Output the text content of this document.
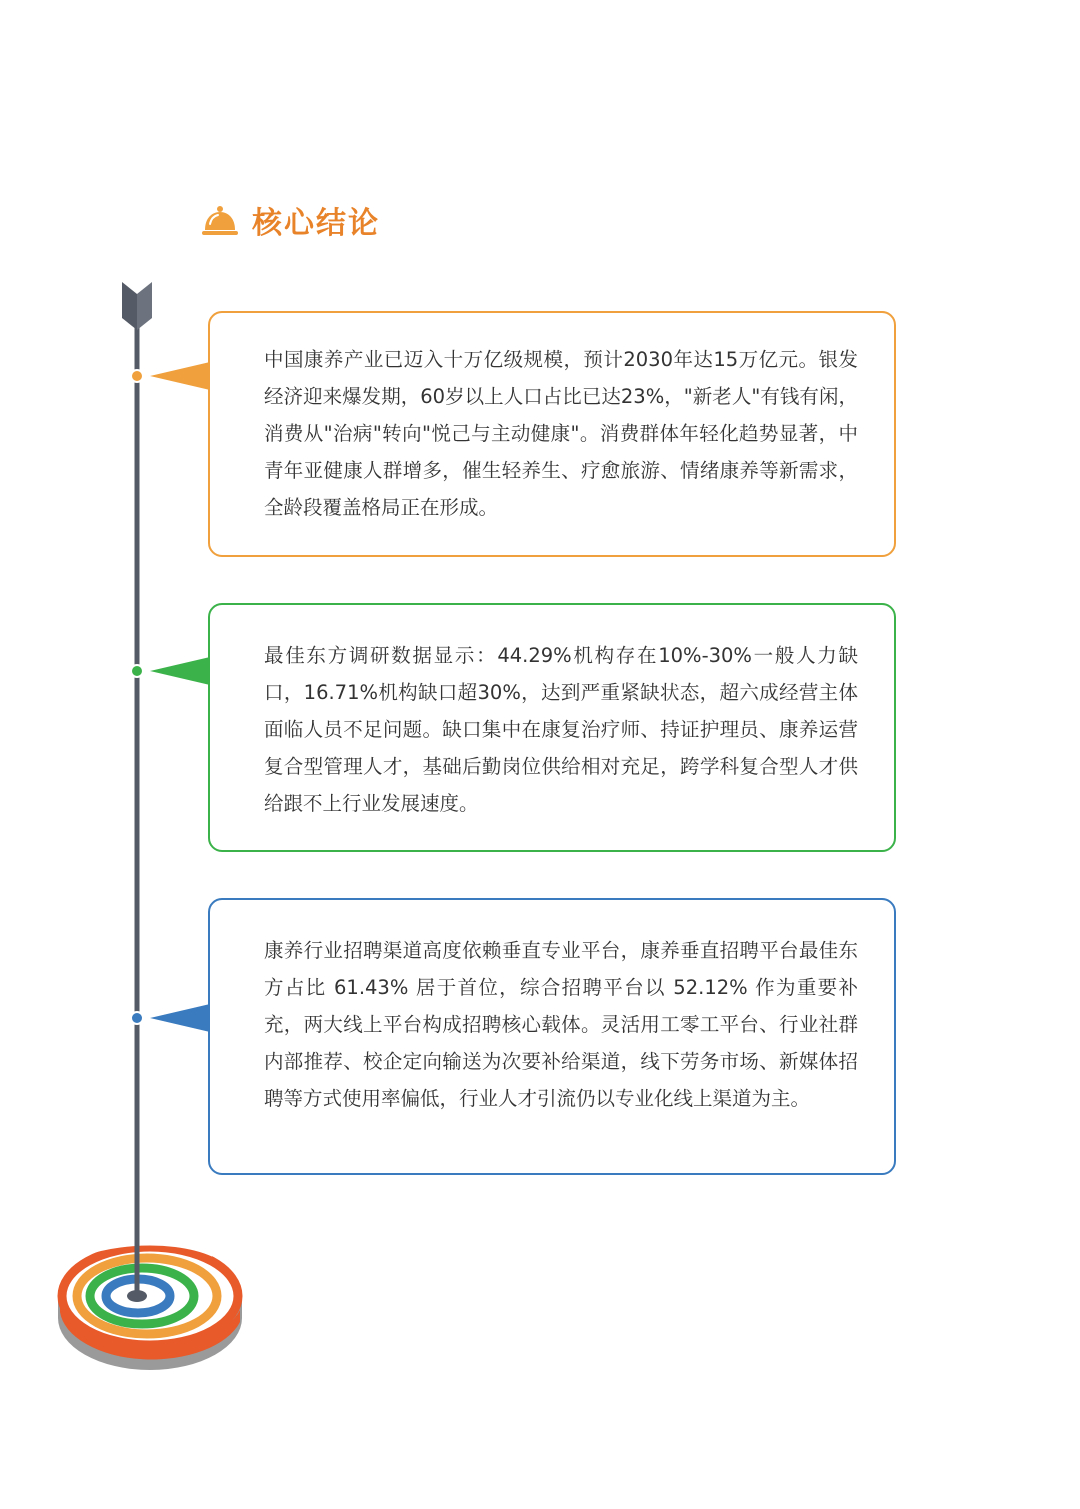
核心结论
中国康养产业已迈入十万亿级规模，预计2030年达15万亿元。银发经济迎来爆发期，60岁以上人口占比已达23%，"新老人"有钱有闲，消费从"治病"转向"悦己与主动健康"。消费群体年轻化趋势显著，中青年亚健康人群增多，催生轻养生、疗愈旅游、情绪康养等新需求，全龄段覆盖格局正在形成。
最佳东方调研数据显示：44.29%机构存在10%-30%一般人力缺口，16.71%机构缺口超30%，达到严重紧缺状态，超六成经营主体面临人员不足问题。缺口集中在康复治疗师、持证护理员、康养运营复合型管理人才，基础后勤岗位供给相对充足，跨学科复合型人才供给跟不上行业发展速度。
康养行业招聘渠道高度依赖垂直专业平台，康养垂直招聘平台最佳东方占比 61.43% 居于首位，综合招聘平台以 52.12% 作为重要补充，两大线上平台构成招聘核心载体。灵活用工零工平台、行业社群内部推荐、校企定向输送为次要补给渠道，线下劳务市场、新媒体招聘等方式使用率偏低，行业人才引流仍以专业化线上渠道为主。
